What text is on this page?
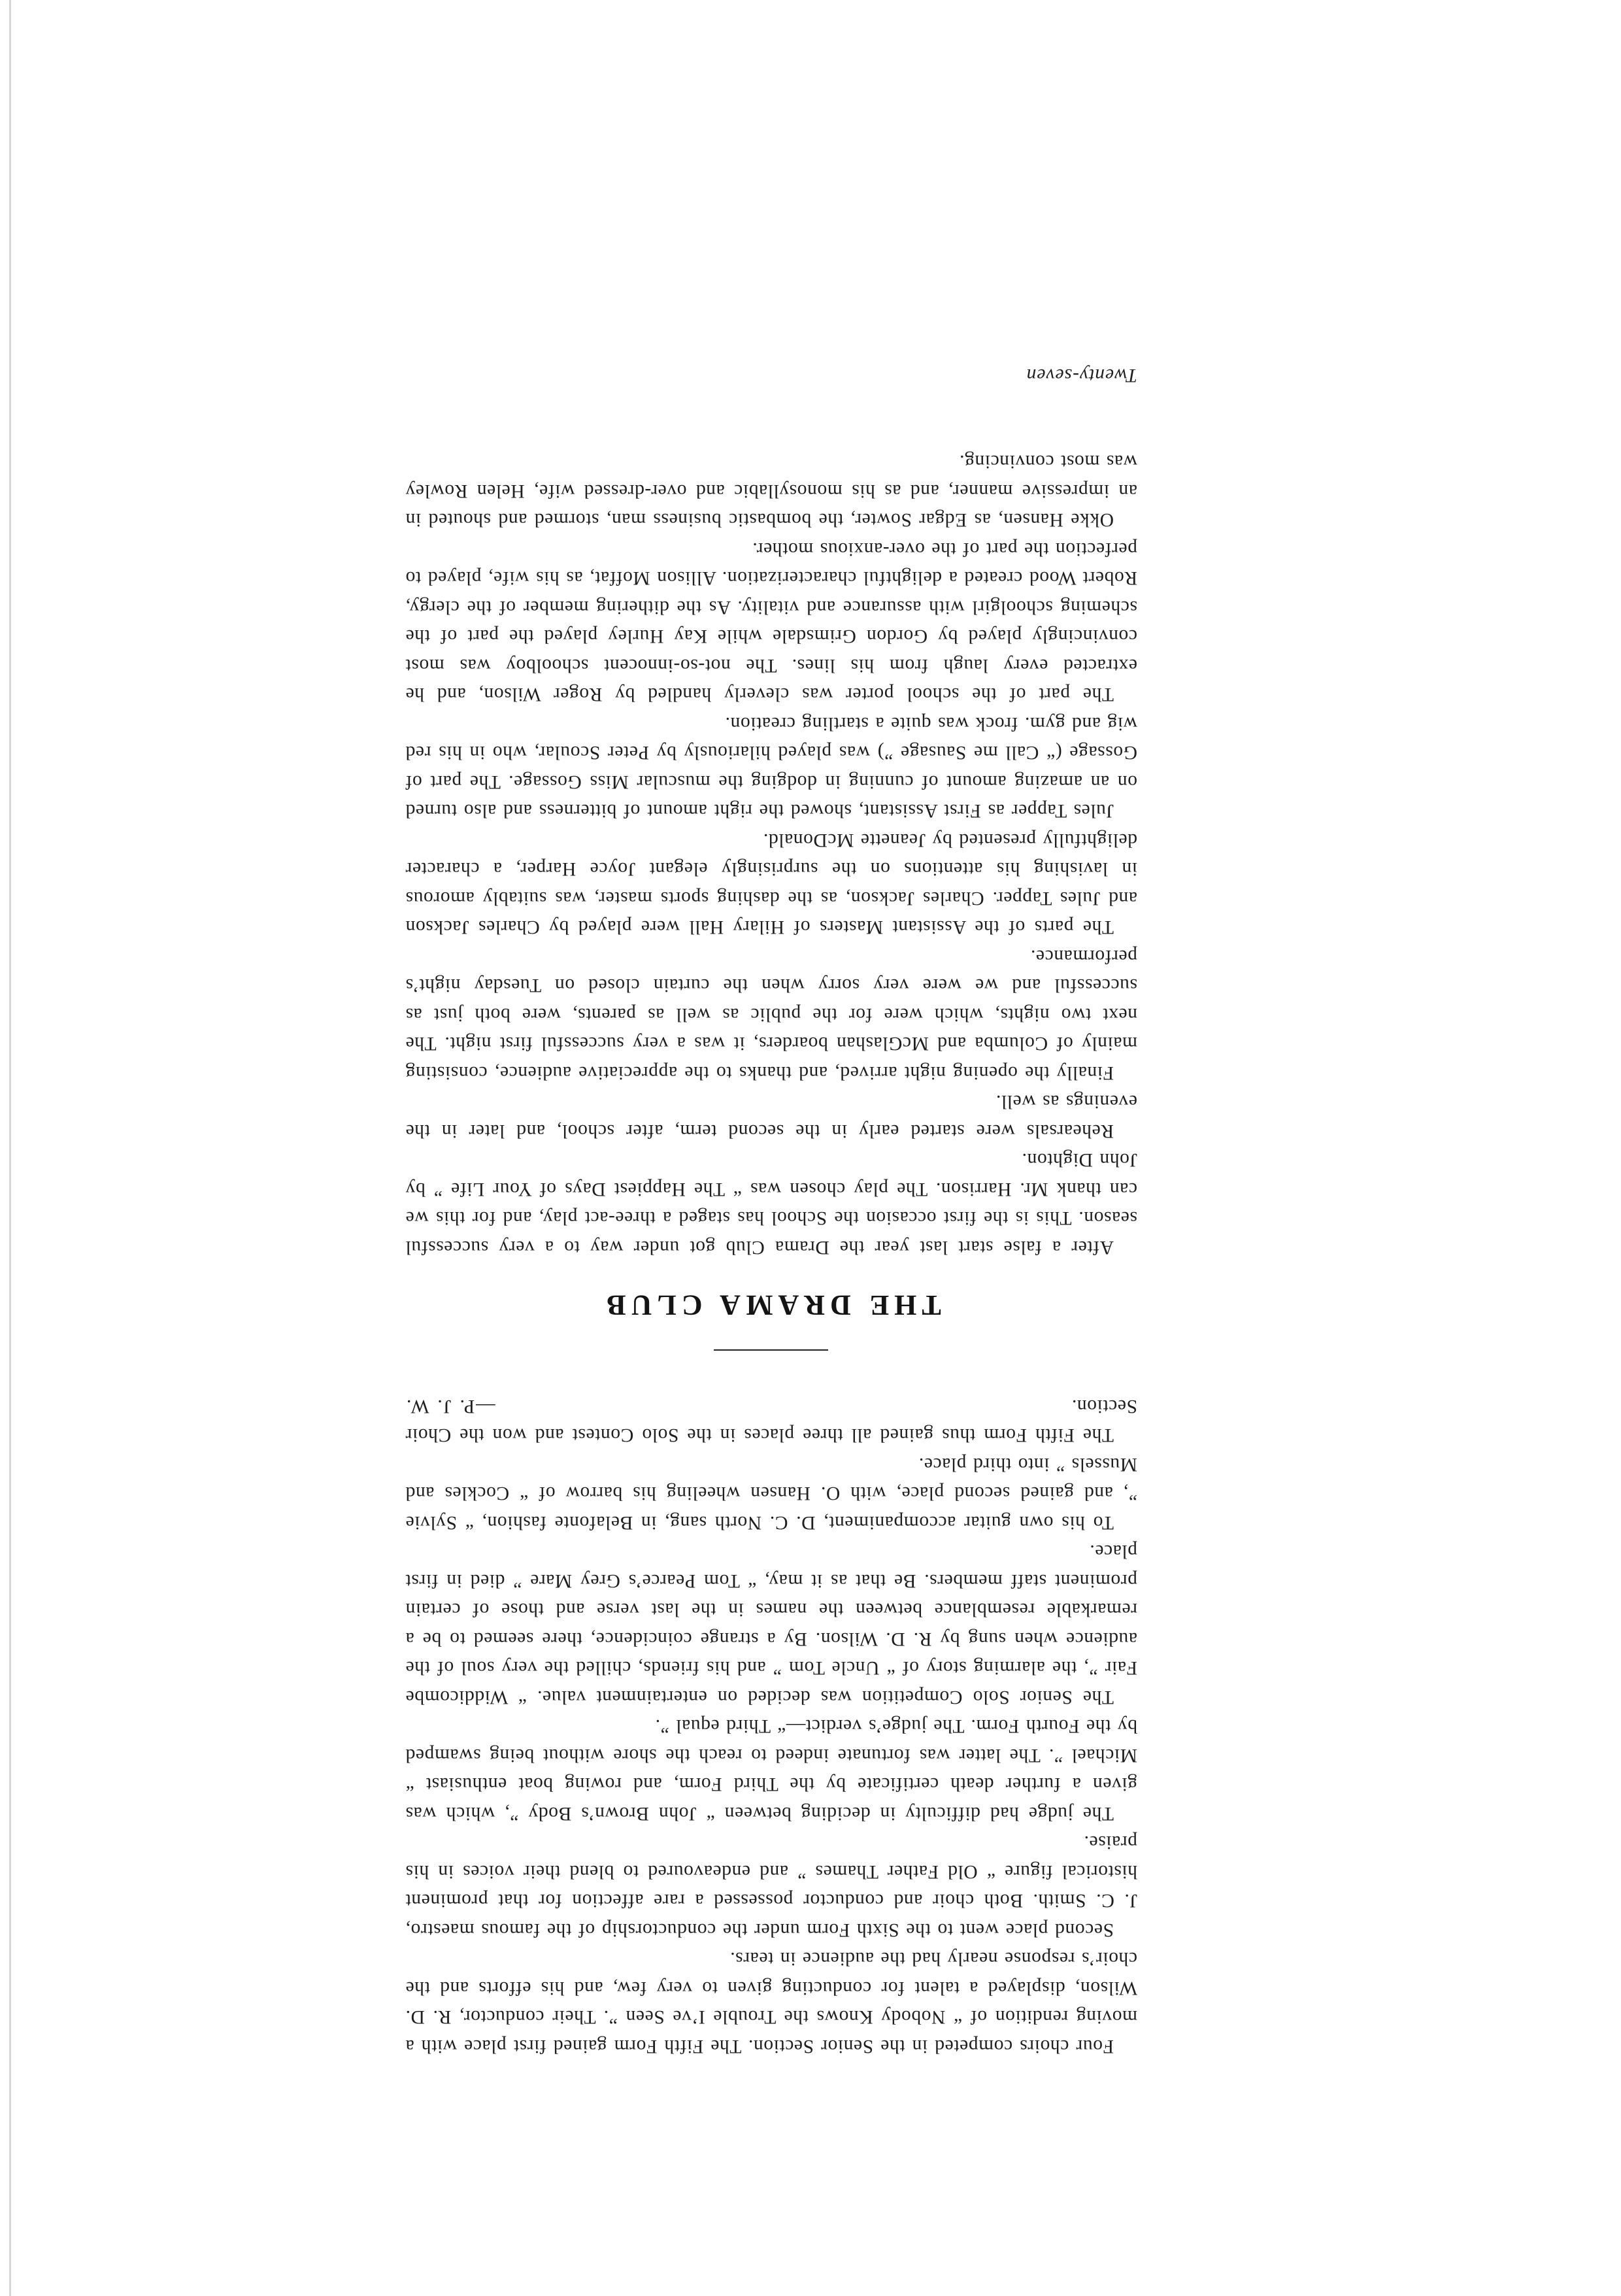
Four choirs competed in the Senior Section. The Fifth Form gained first place with a moving rendition of “ Nobody Knows the Trouble I’ve Seen ”. Their conductor, R. D. Wilson, displayed a talent for conducting given to very few, and his efforts and the choir’s response nearly had the audience in tears.

Second place went to the Sixth Form under the conductorship of the famous maestro, J. C. Smith. Both choir and conductor possessed a rare affection for that prominent historical figure “ Old Father Thames ” and endeavoured to blend their voices in his praise.

The judge had difficulty in deciding between “ John Brown’s Body ”, which was given a further death certificate by the Third Form, and rowing boat enthusiast “ Michael ”. The latter was fortunate indeed to reach the shore without being swamped by the Fourth Form. The judge’s verdict—“ Third equal ”.

The Senior Solo Competition was decided on entertainment value. “ Widdicombe Fair ”, the alarming story of “ Uncle Tom ” and his friends, chilled the very soul of the audience when sung by R. D. Wilson. By a strange coincidence, there seemed to be a remarkable resemblance between the names in the last verse and those of certain prominent staff members. Be that as it may, “ Tom Pearce’s Grey Mare ” died in first place.

To his own guitar accompaniment, D. C. North sang, in Belafonte fashion, “ Sylvie ”, and gained second place, with O. Hansen wheeling his barrow of “ Cockles and Mussels ” into third place.

The Fifth Form thus gained all three places in the Solo Contest and won the Choir Section.

—P. J. W.
THE DRAMA CLUB

After a false start last year the Drama Club got under way to a very successful season. This is the first occasion the School has staged a three-act play, and for this we can thank Mr. Harrison. The play chosen was “ The Happiest Days of Your Life ” by John Dighton.

Rehearsals were started early in the second term, after school, and later in the evenings as well.

Finally the opening night arrived, and thanks to the appreciative audience, consisting mainly of Columba and McGlashan boarders, it was a very successful first night. The next two nights, which were for the public as well as parents, were both just as successful and we were very sorry when the curtain closed on Tuesday night’s performance.

The parts of the Assistant Masters of Hilary Hall were played by Charles Jackson and Jules Tapper. Charles Jackson, as the dashing sports master, was suitably amorous in lavishing his attentions on the surprisingly elegant Joyce Harper, a character delightfully presented by Jeanette McDonald.

Jules Tapper as First Assistant, showed the right amount of bitterness and also turned on an amazing amount of cunning in dodging the muscular Miss Gossage. The part of Gossage (“ Call me Sausage ”) was played hilariously by Peter Scoular, who in his red wig and gym. frock was quite a startling creation.

The part of the school porter was cleverly handled by Roger Wilson, and he extracted every laugh from his lines. The not-so-innocent schoolboy was most convincingly played by Gordon Grimsdale while Kay Hurley played the part of the scheming schoolgirl with assurance and vitality. As the dithering member of the clergy, Robert Wood created a delightful characterization. Allison Moffat, as his wife, played to perfection the part of the over-anxious mother.

Okke Hansen, as Edgar Sowter, the bombastic business man, stormed and shouted in an impressive manner, and as his monosyllabic and over-dressed wife, Helen Rowley was most convincing.

Twenty-seven
